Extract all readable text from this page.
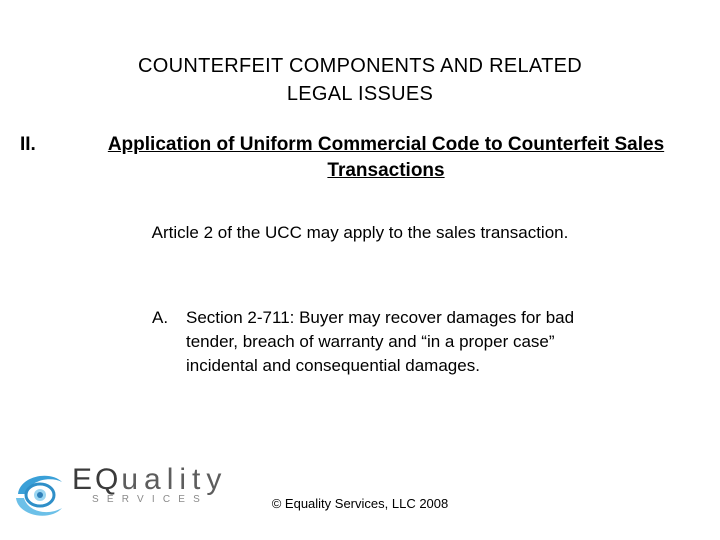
COUNTERFEIT COMPONENTS AND RELATED
LEGAL ISSUES
II.	Application of Uniform Commercial Code to Counterfeit Sales
Transactions
Article 2 of the UCC may apply to the sales transaction.
A.	Section 2-711: Buyer may recover damages for bad tender, breach of warranty and “in a proper case” incidental and consequential damages.
EQuality
SERVICES	© Equality Services, LLC 2008
